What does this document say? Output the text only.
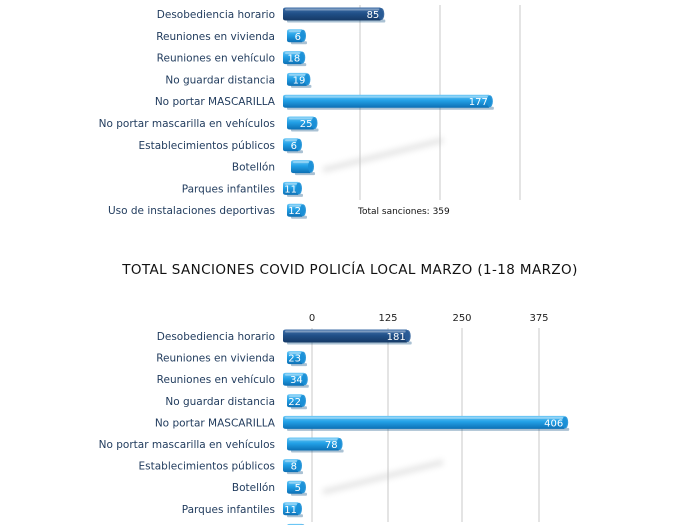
Desobediencia horario	85
Reuniones en vivienda 6
Reuniones en vehículo 18
No guardar distancia 19
No portar MASCARILLA	177
No portar mascarilla en vehículos 25
Establecimientos públicos 6
Botellón
Parques infantiles 11
Uso de instalaciones deportivas 12	Total sanciones: 359
TOTAL SANCIONES COVID POLICÍA LOCAL MARZO (1-18 MARZO)
0	125	250	375
Desobediencia horario	181
Reuniones en vivienda 23
Reuniones en vehículo 34
No guardar distancia 22
No portar MASCARILLA	406
No portar mascarilla en vehículos	78
Establecimientos públicos 8
Botellón 5
Parques infantiles 11
